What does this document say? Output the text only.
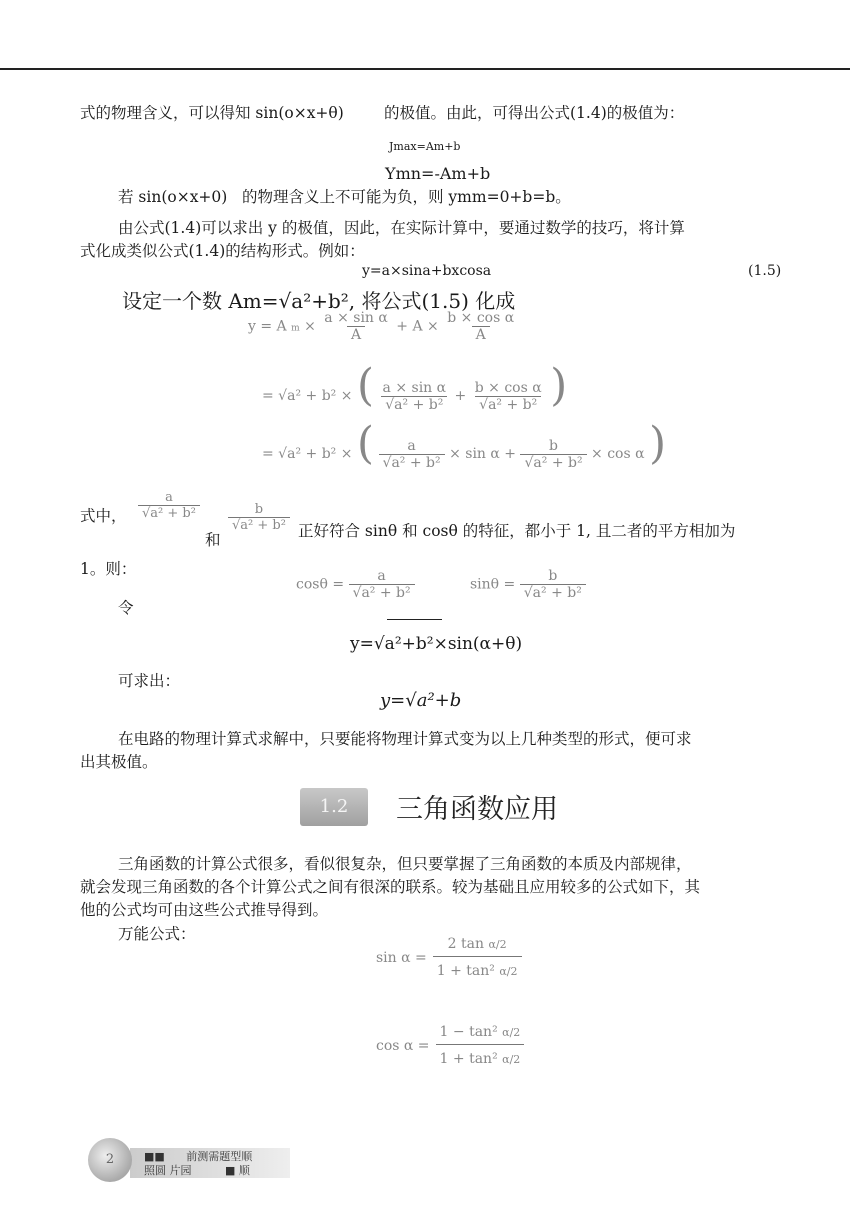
式的物理含义，可以得知 sin(o×x+θ)	的极值。由此，可得出公式(1.4)的极值为：
Jmax=Am+b
Ymn=-Am+b
若 sin(o×x+0) 的物理含义上不可能为负，则 ymm=0+b=b。
由公式(1.4)可以求出 y 的极值，因此，在实际计算中，要通过数学的技巧，将计算
式化成类似公式(1.4)的结构形式。例如：
y=a×sina+bxcosa	(1.5)
设定一个数 Am=√a²+b², 将公式(1.5) 化成
y = A $m \times \frac{\text{a × sin α}}{A} + A \times \frac{\text{b × cos α}}{A}$
= √a² + b² × ( $\frac{\text{a × sin α}}{\text{√a² + b²}} + \frac{\text{b × cos α}}{\text{√a² + b²}}$ )
= √a² + b² × ( $\frac{a}{\text{√a² + b²}} \times \sin \alpha + \frac{b}{\text{√a² + b²}} \times \cos \alpha$ )
式中， $\frac{a}{\text{√a² + b²}}$
和
$\frac{b}{\text{√a² + b²}}$ 正好符合 sinθ 和 cosθ 的特征，都小于 1, 且二者的平方相加为
1。则：
令
$\cos\theta = \frac{a}{\text{√a² + b²}}$	$\sin\theta = \frac{b}{\text{√a² + b²}}$
y=√a²+b²×sin(α+θ)
可求出：
y=√a²+b
在电路的物理计算式求解中，只要能将物理计算式变为以上几种类型的形式，便可求
出其极值。
1.2	三角函数应用
三角函数的计算公式很多，看似很复杂，但只要掌握了三角函数的本质及内部规律，
就会发现三角函数的各个计算公式之间有很深的联系。较为基础且应用较多的公式如下，其
他的公式均可由这些公式推导得到。
万能公式：
$\sin \alpha = \frac{\text{2 tan α/2}}{\text{1 + tan² α/2}}$
$\cos \alpha = \frac{\text{1 − tan² α/2}}{\text{1 + tan² α/2}}$
2	■■ 前测需题型顺
照圆 片园	■ 顺
